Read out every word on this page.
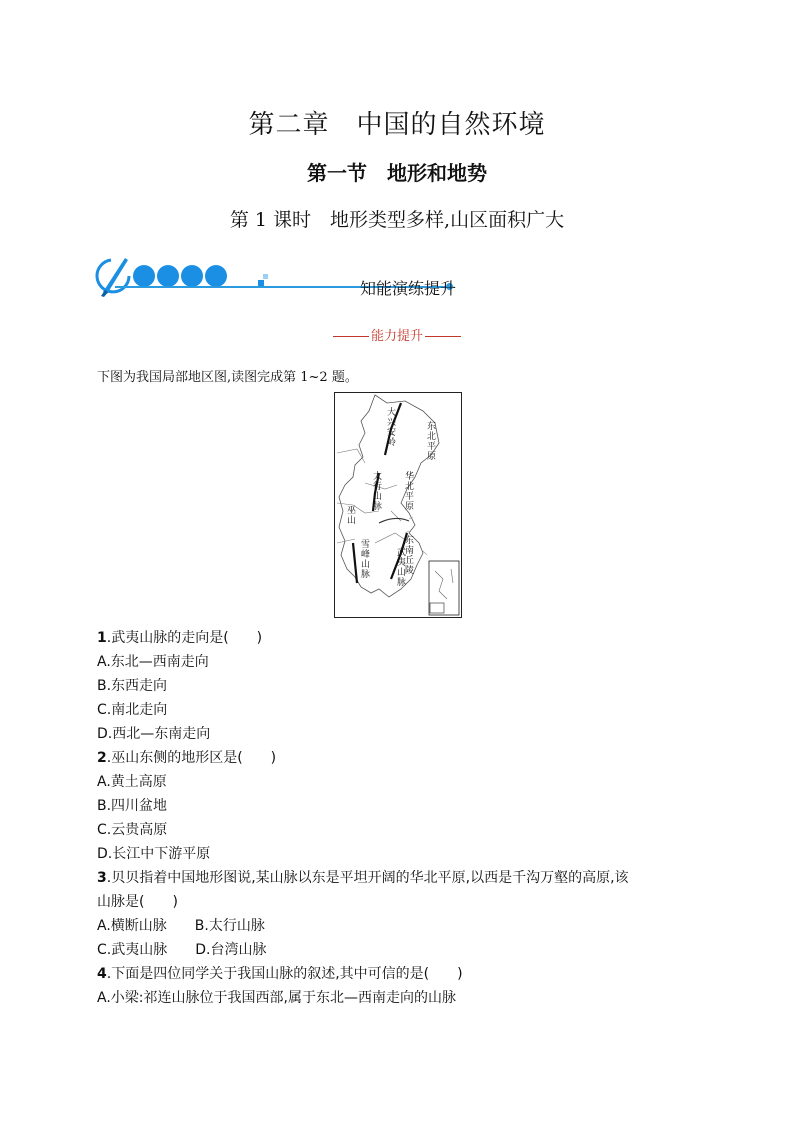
第二章　中国的自然环境
第一节　地形和地势
第 1 课时　地形类型多样,山区面积广大
知能演练提升
能力提升
下图为我国局部地区图,读图完成第 1~2 题。
大兴安岭
东北平原
太行山脉
华北平原
巫山
雪峰山脉
东南丘陵
武夷山脉
1.武夷山脉的走向是(　　)
A.东北—西南走向
B.东西走向
C.南北走向
D.西北—东南走向
2.巫山东侧的地形区是(　　)
A.黄土高原
B.四川盆地
C.云贵高原
D.长江中下游平原
3.贝贝指着中国地形图说,某山脉以东是平坦开阔的华北平原,以西是千沟万壑的高原,该
山脉是(　　)
A.横断山脉　　B.太行山脉
C.武夷山脉　　D.台湾山脉
4.下面是四位同学关于我国山脉的叙述,其中可信的是(　　)
A.小梁:祁连山脉位于我国西部,属于东北—西南走向的山脉
